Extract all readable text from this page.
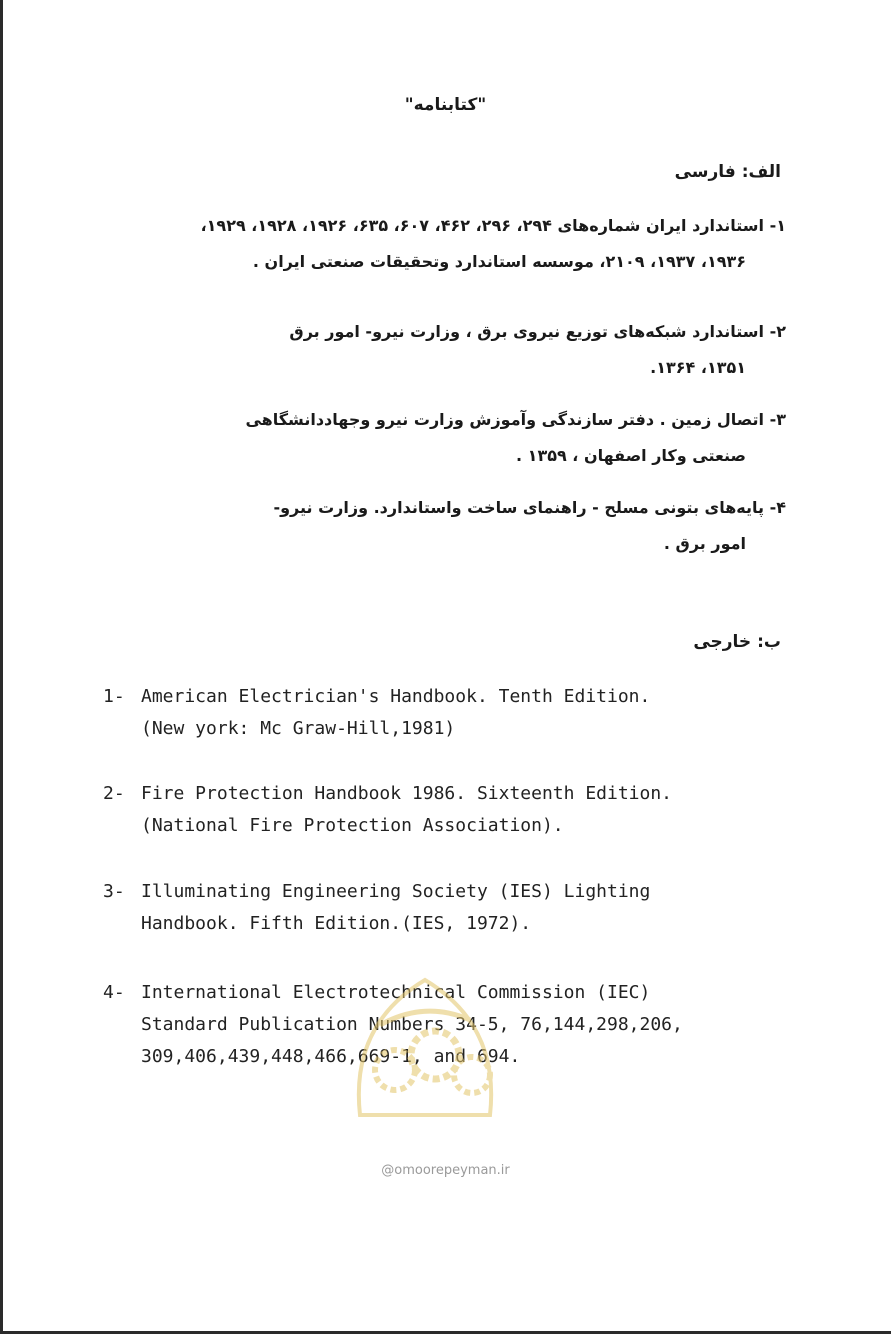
"کتابنامه"
الف: فارسی
۱- استاندارد ایران شماره‌های ۲۹۴، ۲۹۶، ۴۶۲، ۶۰۷، ۶۳۵، ۱۹۲۶، ۱۹۲۸، ۱۹۲۹،
۱۹۳۶، ۱۹۳۷، ۲۱۰۹، موسسه استاندارد وتحقیقات صنعتی ایران .
۲- استاندارد شبکه‌های توزیع نیروی برق ، وزارت نیرو- امور برق
۱۳۵۱، ۱۳۶۴.
۳- اتصال زمین . دفتر سازندگی وآموزش وزارت نیرو وجهاددانشگاهی
صنعتی وکار اصفهان ، ۱۳۵۹ .
۴- پایه‌های بتونی مسلح - راهنمای ساخت واستاندارد. وزارت نیرو-
امور برق .
ب: خارجی
1- American Electrician's Handbook. Tenth Edition.
(New york: Mc Graw-Hill,1981)
2- Fire Protection Handbook 1986. Sixteenth Edition.
(National Fire Protection Association).
3- Illuminating Engineering Society (IES) Lighting
Handbook. Fifth Edition.(IES, 1972).
4- International Electrotechnical Commission (IEC)
Standard Publication Numbers 34-5, 76,144,298,206,
309,406,439,448,466,669-1, and 694.
@omoorepeyman.ir
